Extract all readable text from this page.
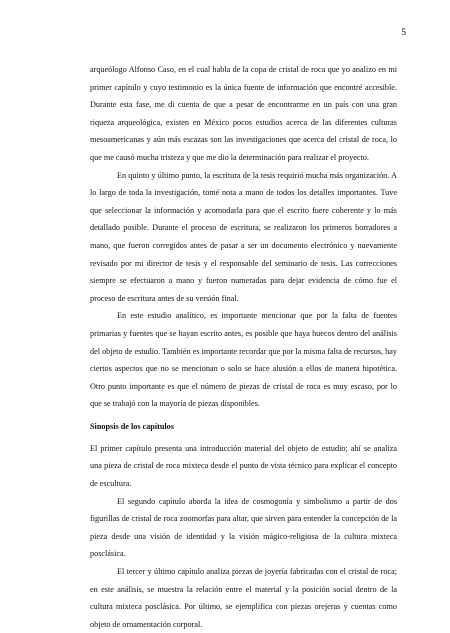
5

arqueólogo Alfonso Caso, en el cual habla de la copa de cristal de roca que yo analizo en mi primer capítulo y cuyo testimonio es la única fuente de información que encontré accesible. Durante esta fase, me di cuenta de que a pesar de encontrarme en un país con una gran riqueza arqueológica, existen en México pocos estudios acerca de las diferentes culturas mesoamericanas y aún más escazas son las investigaciones que acerca del cristal de roca, lo que me causó mucha tristeza y que me dio la determinación para realizar el proyecto.

En quinto y último punto, la escritura de la tesis requirió mucha más organización. A lo largo de toda la investigación, tomé nota a mano de todos los detalles importantes. Tuve que seleccionar la información y acomodarla para que el escrito fuere coherente y lo más detallado posible. Durante el proceso de escritura, se realizaron los primeros borradores a mano, que fueron corregidos antes de pasar a ser un documento electrónico y nuevamente revisado por mi director de tesis y el responsable del seminario de tesis. Las correcciones siempre se efectuaron a mano y fueron numeradas para dejar evidencia de cómo fue el proceso de escritura antes de su versión final.

En este estudio analítico, es importante mencionar que por la falta de fuentes primarias y fuentes que se hayan escrito antes, es posible que haya huecos dentro del análisis del objeto de estudio. También es importante recordar que por la misma falta de recursos, hay ciertos aspectos que no se mencionan o solo se hace alusión a ellos de manera hipotética. Otro punto importante es que el número de piezas de cristal de roca es muy escaso, por lo que se trabajó con la mayoría de piezas disponibles.

Sinopsis de los capítulos

El primer capítulo presenta una introducción material del objeto de estudio; ahí se analiza una pieza de cristal de roca mixteca desde el punto de vista técnico para explicar el concepto de escultura.

El segundo capítulo aborda la idea de cosmogonía y simbolismo a partir de dos figurillas de cristal de roca zoomorfas para altar, que sirven para entender la concepción de la pieza desde una visión de identidad y la visión mágico-religiosa de la cultura mixteca posclásica.

El tercer y último capítulo analiza piezas de joyería fabricadas con el cristal de roca; en este análisis, se muestra la relación entre el material y la posición social dentro de la cultura mixteca posclásica. Por último, se ejemplifica con piezas orejeras y cuentas como objeto de ornamentación corporal.
